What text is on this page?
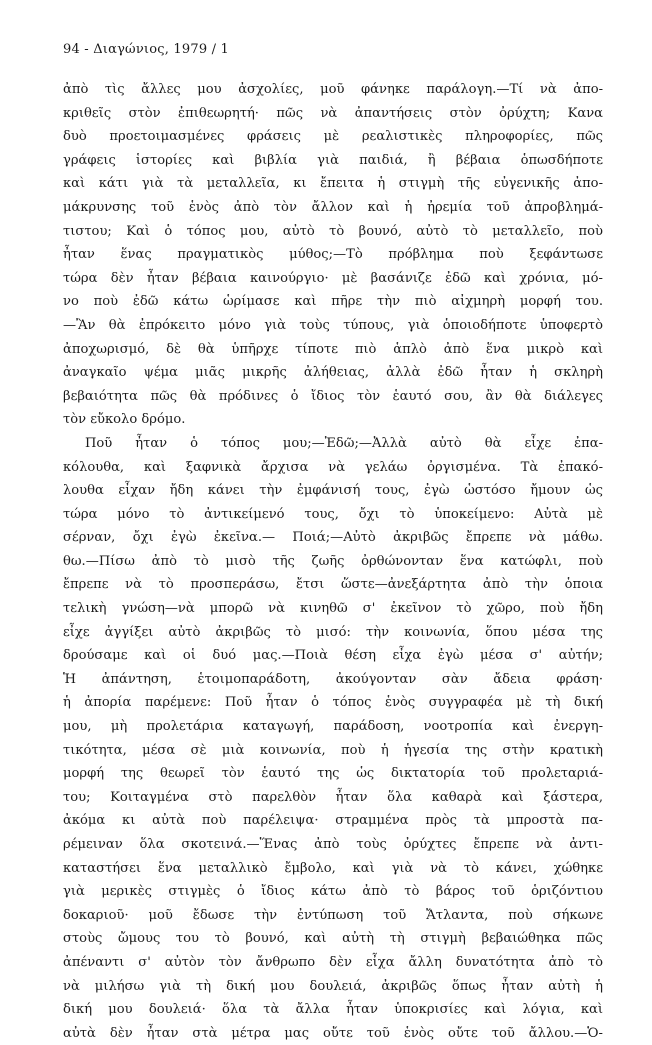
94 - Διαγώνιος, 1979 / 1
ἀπὸ τὶς ἄλλες μου ἀσχολίες, μοῦ φάνηκε παράλογη.—Τί νὰ ἀπο-
κριθεῖς στὸν ἐπιθεωρητή· πῶς νὰ ἀπαντήσεις στὸν ὀρύχτη; Κανα
δυὸ προετοιμασμένες φράσεις μὲ ρεαλιστικὲς πληροφορίες, πῶς
γράφεις ἱστορίες καὶ βιβλία γιὰ παιδιά, ἢ βέβαια ὁπωσδήποτε
καὶ κάτι γιὰ τὰ μεταλλεῖα, κι ἔπειτα ἡ στιγμὴ τῆς εὐγενικῆς ἀπο-
μάκρυνσης τοῦ ἑνὸς ἀπὸ τὸν ἄλλον καὶ ἡ ἠρεμία τοῦ ἀπροβλημά-
τιστου; Καὶ ὁ τόπος μου, αὐτὸ τὸ βουνό, αὐτὸ τὸ μεταλλεῖο, ποὺ
ἦταν ἕνας πραγματικὸς μύθος;—Τὸ πρόβλημα ποὺ ξεφάντωσε
τώρα δὲν ἦταν βέβαια καινούργιο· μὲ βασάνιζε ἐδῶ καὶ χρόνια, μό-
νο ποὺ ἐδῶ κάτω ὡρίμασε καὶ πῆρε τὴν πιὸ αἰχμηρὴ μορφή του.
—Ἂν θὰ ἐπρόκειτο μόνο γιὰ τοὺς τύπους, γιὰ ὁποιοδήποτε ὑποφερτὸ
ἀποχωρισμό, δὲ θὰ ὑπῆρχε τίποτε πιὸ ἁπλὸ ἀπὸ ἕνα μικρὸ καὶ
ἀναγκαῖο ψέμα μιᾶς μικρῆς ἀλήθειας, ἀλλὰ ἐδῶ ἦταν ἡ σκληρὴ
βεβαιότητα πῶς θὰ πρόδινες ὁ ἴδιος τὸν ἑαυτό σου, ἂν θὰ διάλεγες
τὸν εὔκολο δρόμο.
Ποῦ ἦταν ὁ τόπος μου;—Ἐδῶ;—Ἀλλὰ αὐτὸ θὰ εἶχε ἐπα-
κόλουθα, καὶ ξαφνικὰ ἄρχισα νὰ γελάω ὀργισμένα. Τὰ ἐπακό-
λουθα εἶχαν ἤδη κάνει τὴν ἐμφάνισή τους, ἐγὼ ὡστόσο ἤμουν ὡς
τώρα μόνο τὸ ἀντικείμενό τους, ὄχι τὸ ὑποκείμενο: Αὐτὰ μὲ
σέρναν, ὄχι ἐγὼ ἐκεῖνα.— Ποιά;—Αὐτὸ ἀκριβῶς ἔπρεπε νὰ μάθω.
θω.—Πίσω ἀπὸ τὸ μισὸ τῆς ζωῆς ὀρθώνονταν ἕνα κατώφλι, ποὺ
ἔπρεπε νὰ τὸ προσπεράσω, ἔτσι ὥστε—ἀνεξάρτητα ἀπὸ τὴν ὁποια
τελικὴ γνώση—νὰ μπορῶ νὰ κινηθῶ σ' ἐκεῖνον τὸ χῶρο, ποὺ ἤδη
εἶχε ἀγγίξει αὐτὸ ἀκριβῶς τὸ μισό: τὴν κοινωνία, ὅπου μέσα της
δρούσαμε καὶ οἱ δυό μας.—Ποιὰ θέση εἶχα ἐγὼ μέσα σ' αὐτήν;
Ἡ ἀπάντηση, ἑτοιμοπαράδοτη, ἀκούγονταν σὰν ἄδεια φράση·
ἡ ἀπορία παρέμενε: Ποῦ ἦταν ὁ τόπος ἑνὸς συγγραφέα μὲ τὴ δική
μου, μὴ προλετάρια καταγωγή, παράδοση, νοοτροπία καὶ ἐνεργη-
τικότητα, μέσα σὲ μιὰ κοινωνία, ποὺ ἡ ἡγεσία της στὴν κρατικὴ
μορφή της θεωρεῖ τὸν ἑαυτό της ὡς δικτατορία τοῦ προλεταριά-
του; Κοιταγμένα στὸ παρελθὸν ἦταν ὅλα καθαρὰ καὶ ξάστερα,
ἀκόμα κι αὐτὰ ποὺ παρέλειψα· στραμμένα πρὸς τὰ μπροστὰ πα-
ρέμειναν ὅλα σκοτεινά.—Ἕνας ἀπὸ τοὺς ὀρύχτες ἔπρεπε νὰ ἀντι-
καταστήσει ἕνα μεταλλικὸ ἔμβολο, καὶ γιὰ νὰ τὸ κάνει, χώθηκε
γιὰ μερικὲς στιγμὲς ὁ ἴδιος κάτω ἀπὸ τὸ βάρος τοῦ ὁριζόντιου
δοκαριοῦ· μοῦ ἔδωσε τὴν ἐντύπωση τοῦ Ἄτλαντα, ποὺ σήκωνε
στοὺς ὤμους του τὸ βουνό, καὶ αὐτὴ τὴ στιγμὴ βεβαιώθηκα πῶς
ἀπέναντι σ' αὐτὸν τὸν ἄνθρωπο δὲν εἶχα ἄλλη δυνατότητα ἀπὸ τὸ
νὰ μιλήσω γιὰ τὴ δική μου δουλειά, ἀκριβῶς ὅπως ἦταν αὐτὴ ἡ
δική μου δουλειά· ὅλα τὰ ἄλλα ἦταν ὑποκρισίες καὶ λόγια, καὶ
αὐτὰ δὲν ἦταν στὰ μέτρα μας οὔτε τοῦ ἑνὸς οὔτε τοῦ ἄλλου.—Ὁ-
